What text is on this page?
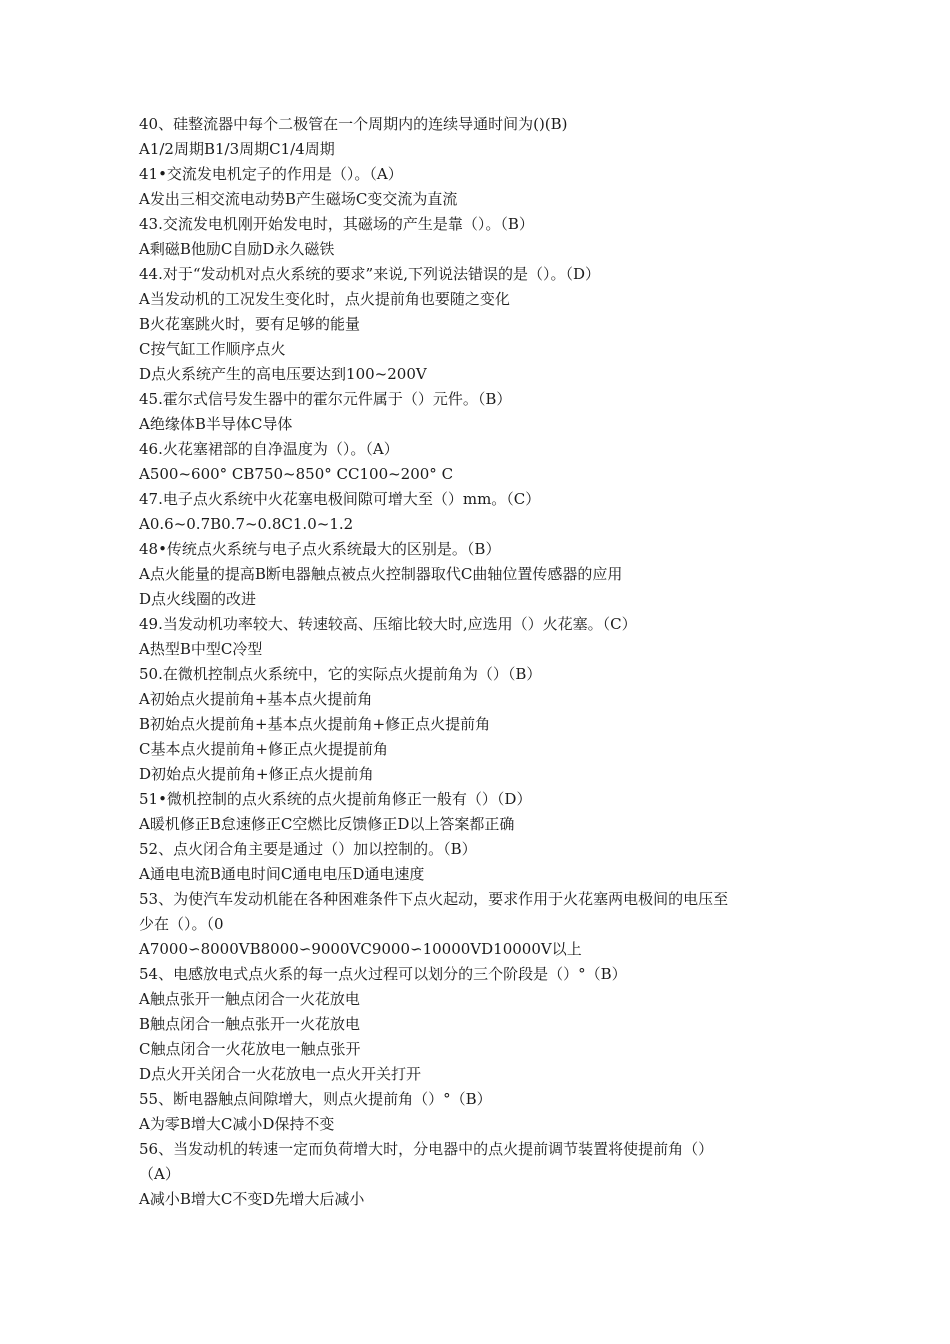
40、硅整流器中每个二极管在一个周期内的连续导通时间为()(B)
A1/2周期B1/3周期C1/4周期
41•交流发电机定子的作用是（）。（A）
A发出三相交流电动势B产生磁场C变交流为直流
43.交流发电机刚开始发电时，其磁场的产生是靠（）。（B）
A剩磁B他励C自励D永久磁铁
44.对于“发动机对点火系统的要求”来说,下列说法错误的是（）。（D）
A当发动机的工况发生变化时，点火提前角也要随之变化
B火花塞跳火时，要有足够的能量
C按气缸工作顺序点火
D点火系统产生的高电压要达到100~200V
45.霍尔式信号发生器中的霍尔元件属于（）元件。（B）
A绝缘体B半导体C导体
46.火花塞裙部的自净温度为（）。（A）
A500~600° CB750~850° CC100~200° C
47.电子点火系统中火花塞电极间隙可增大至（）mm。（C）
A0.6~0.7B0.7~0.8C1.0~1.2
48•传统点火系统与电子点火系统最大的区别是。（B）
A点火能量的提高B断电器触点被点火控制器取代C曲轴位置传感器的应用
D点火线圈的改进
49.当发动机功率较大、转速较高、压缩比较大时,应选用（）火花塞。（C）
A热型B中型C冷型
50.在微机控制点火系统中，它的实际点火提前角为（）（B）
A初始点火提前角+基本点火提前角
B初始点火提前角+基本点火提前角+修正点火提前角
C基本点火提前角+修正点火提提前角
D初始点火提前角+修正点火提前角
51•微机控制的点火系统的点火提前角修正一般有（）（D）
A暖机修正B怠速修正C空燃比反馈修正D以上答案都正确
52、点火闭合角主要是通过（）加以控制的。（B）
A通电电流B通电时间C通电电压D通电速度
53、为使汽车发动机能在各种困难条件下点火起动，要求作用于火花塞两电极间的电压至
少在（）。（0
A7000∽8000VB8000∽9000VC9000∽10000VD10000V以上
54、电感放电式点火系的每一点火过程可以划分的三个阶段是（）°（B）
A触点张开一触点闭合一火花放电
B触点闭合一触点张开一火花放电
C触点闭合一火花放电一触点张开
D点火开关闭合一火花放电一点火开关打开
55、断电器触点间隙增大，则点火提前角（）°（B）
A为零B增大C减小D保持不变
56、当发动机的转速一定而负荷增大时，分电器中的点火提前调节装置将使提前角（）
（A）
A减小B增大C不变D先增大后减小
